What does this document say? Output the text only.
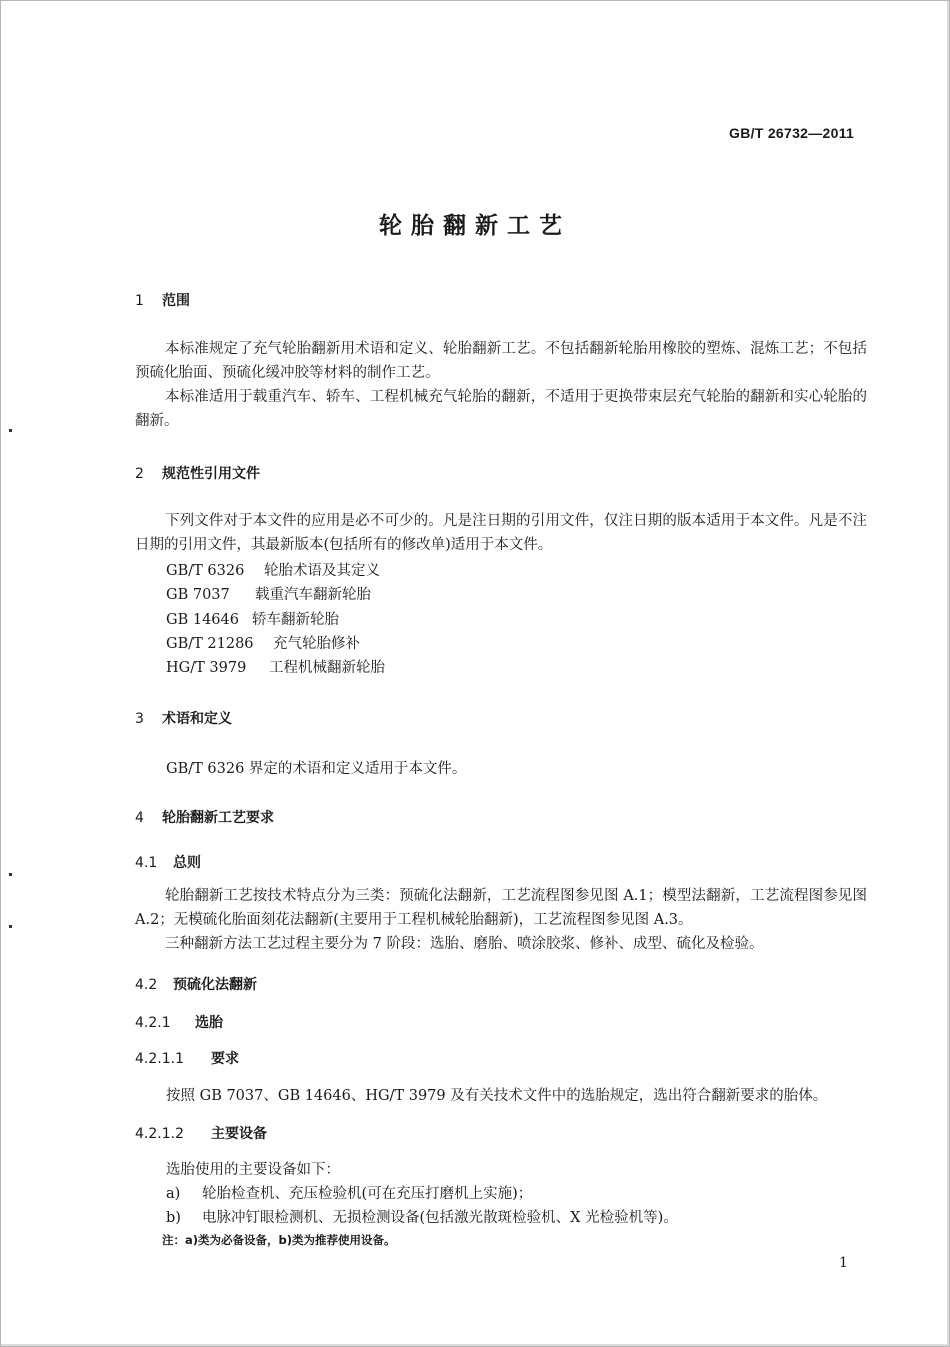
GB/T 26732—2011
轮胎翻新工艺
1 范围

本标准规定了充气轮胎翻新用术语和定义、轮胎翻新工艺。不包括翻新轮胎用橡胶的塑炼、混炼工艺；不包括预硫化胎面、预硫化缓冲胶等材料的制作工艺。

本标准适用于载重汽车、轿车、工程机械充气轮胎的翻新，不适用于更换带束层充气轮胎的翻新和实心轮胎的翻新。

2 规范性引用文件

下列文件对于本文件的应用是必不可少的。凡是注日期的引用文件，仅注日期的版本适用于本文件。凡是不注日期的引用文件，其最新版本(包括所有的修改单)适用于本文件。

GB/T 6326 轮胎术语及其定义
GB 7037 载重汽车翻新轮胎
GB 14646 轿车翻新轮胎
GB/T 21286 充气轮胎修补
HG/T 3979 工程机械翻新轮胎
3 术语和定义
GB/T 6326 界定的术语和定义适用于本文件。
4 轮胎翻新工艺要求
4.1 总则

轮胎翻新工艺按技术特点分为三类：预硫化法翻新，工艺流程图参见图 A.1；模型法翻新，工艺流程图参见图 A.2；无模硫化胎面刻花法翻新(主要用于工程机械轮胎翻新)，工艺流程图参见图 A.3。

三种翻新方法工艺过程主要分为 7 阶段：选胎、磨胎、喷涂胶浆、修补、成型、硫化及检验。

4.2 预硫化法翻新
4.2.1 选胎
4.2.1.1 要求
按照 GB 7037、GB 14646、HG/T 3979 及有关技术文件中的选胎规定，选出符合翻新要求的胎体。
4.2.1.2 主要设备
选胎使用的主要设备如下：
a) 轮胎检查机、充压检验机(可在充压打磨机上实施)；
b) 电脉冲钉眼检测机、无损检测设备(包括激光散斑检验机、X 光检验机等)。
注：a)类为必备设备，b)类为推荐使用设备。
1
